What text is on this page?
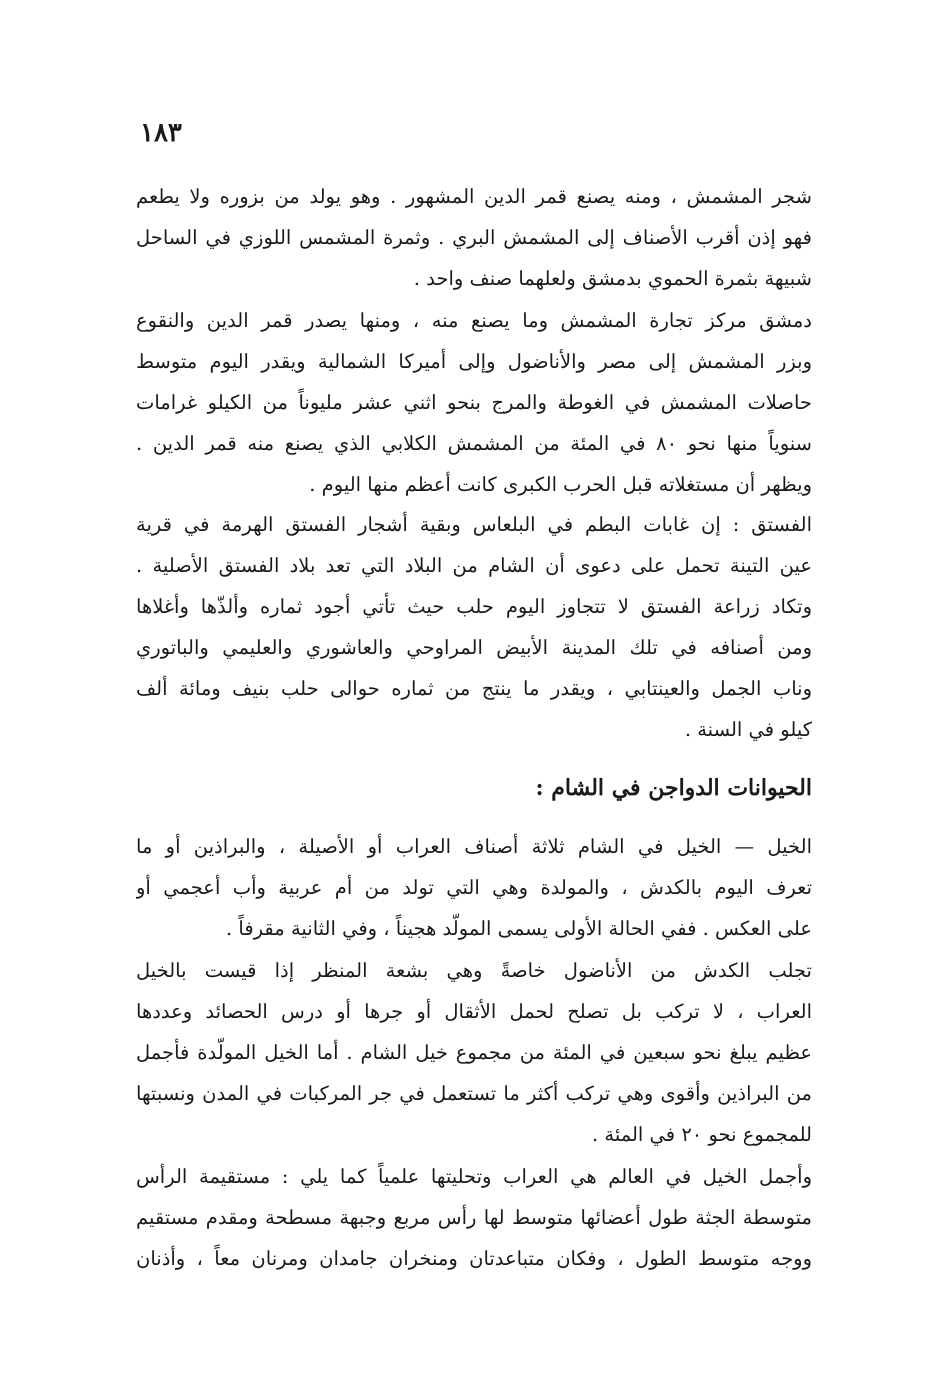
١٨٣
شجر المشمش ، ومنه يصنع قمر الدين المشهور . وهو يولد من بزوره ولا يطعم
فهو إذن أقرب الأصناف إلى المشمش البري . وثمرة المشمس اللوزي في الساحل
شبيهة بثمرة الحموي بدمشق ولعلهما صنف واحد .
دمشق مركز تجارة المشمش وما يصنع منه ، ومنها يصدر قمر الدين والنقوع
وبزر المشمش إلى مصر والأناضول وإلى أميركا الشمالية ويقدر اليوم متوسط
حاصلات المشمش في الغوطة والمرج بنحو اثني عشر مليوناً من الكيلو غرامات
سنوياً منها نحو ٨٠ في المئة من المشمش الكلابي الذي يصنع منه قمر الدين .
ويظهر أن مستغلاته قبل الحرب الكبرى كانت أعظم منها اليوم .
الفستق : إن غابات البطم في البلعاس وبقية أشجار الفستق الهرمة في قرية
عين التينة تحمل على دعوى أن الشام من البلاد التي تعد بلاد الفستق الأصلية .
وتكاد زراعة الفستق لا تتجاوز اليوم حلب حيث تأتي أجود ثماره وألذّها وأغلاها
ومن أصنافه في تلك المدينة الأبيض المراوحي والعاشوري والعليمي والباتوري
وناب الجمل والعينتابي ، ويقدر ما ينتج من ثماره حوالى حلب بنيف ومائة ألف
كيلو في السنة .
الحيوانات الدواجن في الشام :
الخيل — الخيل في الشام ثلاثة أصناف العراب أو الأصيلة ، والبراذين أو ما
تعرف اليوم بالكدش ، والمولدة وهي التي تولد من أم عربية وأب أعجمي أو
على العكس . ففي الحالة الأولى يسمى المولّد هجيناً ، وفي الثانية مقرفاً .
تجلب الكدش من الأناضول خاصةً وهي بشعة المنظر إذا قيست بالخيل
العراب ، لا تركب بل تصلح لحمل الأثقال أو جرها أو درس الحصائد وعددها
عظيم يبلغ نحو سبعين في المئة من مجموع خيل الشام . أما الخيل المولّدة فأجمل
من البراذين وأقوى وهي تركب أكثر ما تستعمل في جر المركبات في المدن ونسبتها
للمجموع نحو ٢٠ في المئة .
وأجمل الخيل في العالم هي العراب وتحليتها علمياً كما يلي : مستقيمة الرأس
متوسطة الجثة طول أعضائها متوسط لها رأس مربع وجبهة مسطحة ومقدم مستقيم
ووجه متوسط الطول ، وفكان متباعدتان ومنخران جامدان ومرنان معاً ، وأذنان
